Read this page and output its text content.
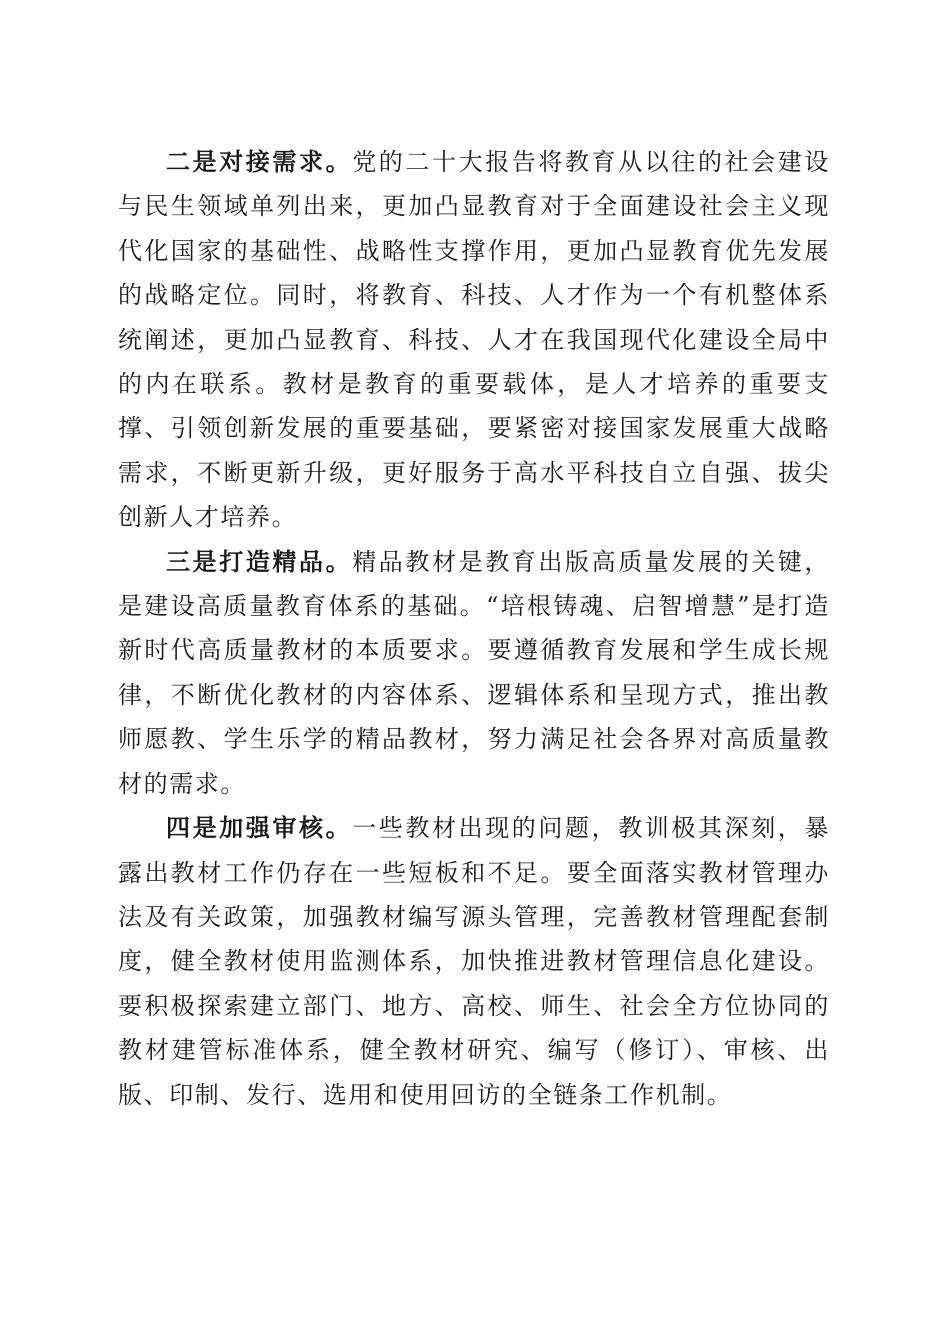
二是对接需求。党的二十大报告将教育从以往的社会建设与民生领域单列出来，更加凸显教育对于全面建设社会主义现代化国家的基础性、战略性支撑作用，更加凸显教育优先发展的战略定位。同时，将教育、科技、人才作为一个有机整体系统阐述，更加凸显教育、科技、人才在我国现代化建设全局中的内在联系。教材是教育的重要载体，是人才培养的重要支撑、引领创新发展的重要基础，要紧密对接国家发展重大战略需求，不断更新升级，更好服务于高水平科技自立自强、拔尖创新人才培养。

三是打造精品。精品教材是教育出版高质量发展的关键，是建设高质量教育体系的基础。“培根铸魂、启智增慧”是打造新时代高质量教材的本质要求。要遵循教育发展和学生成长规律，不断优化教材的内容体系、逻辑体系和呈现方式，推出教师愿教、学生乐学的精品教材，努力满足社会各界对高质量教材的需求。

四是加强审核。一些教材出现的问题，教训极其深刻，暴露出教材工作仍存在一些短板和不足。要全面落实教材管理办法及有关政策，加强教材编写源头管理，完善教材管理配套制度，健全教材使用监测体系，加快推进教材管理信息化建设。要积极探索建立部门、地方、高校、师生、社会全方位协同的教材建管标准体系，健全教材研究、编写（修订）、审核、出版、印制、发行、选用和使用回访的全链条工作机制。
